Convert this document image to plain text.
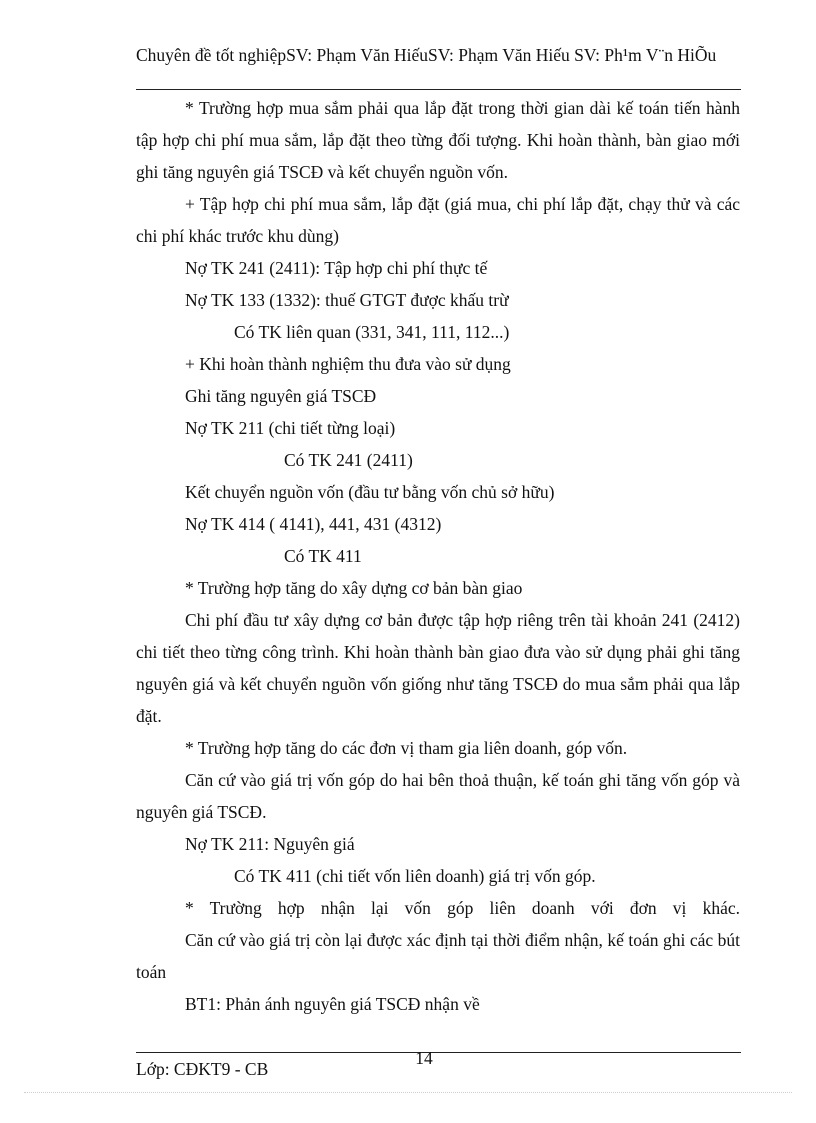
Chuyên đề tốt nghiệpSV: Phạm Văn HiếuSV: Phạm Văn Hiếu SV: Ph¹m V¨n HiÕu

* Trường hợp mua sắm phải qua lắp đặt trong thời gian dài kế toán tiến hành tập hợp chi phí mua sắm, lắp đặt theo từng đối tượng. Khi hoàn thành, bàn giao mới ghi tăng nguyên giá TSCĐ và kết chuyển nguồn vốn.

+ Tập hợp chi phí mua sắm, lắp đặt (giá mua, chi phí lắp đặt, chạy thử và các chi phí khác trước khu dùng)

Nợ TK 241 (2411): Tập hợp chi phí thực tế

Nợ TK 133 (1332): thuế GTGT được khấu trừ

Có TK liên quan (331, 341, 111, 112...)

+ Khi hoàn thành nghiệm thu đưa vào sử dụng

Ghi tăng nguyên giá TSCĐ

Nợ TK 211 (chi tiết từng loại)

Có TK 241 (2411)

Kết chuyển nguồn vốn (đầu tư bằng vốn chủ sở hữu)

Nợ TK 414 ( 4141), 441, 431 (4312)

Có TK 411

* Trường hợp tăng do xây dựng cơ bản bàn giao

Chi phí đầu tư xây dựng cơ bản được tập hợp riêng trên tài khoản 241 (2412) chi tiết theo từng công trình. Khi hoàn thành bàn giao đưa vào sử dụng phải ghi tăng nguyên giá và kết chuyển nguồn vốn giống như tăng TSCĐ do mua sắm phải qua lắp đặt.

* Trường hợp tăng do các đơn vị tham gia liên doanh, góp vốn.

Căn cứ vào giá trị vốn góp do hai bên thoả thuận, kế toán ghi tăng vốn góp và nguyên giá TSCĐ.

Nợ TK 211: Nguyên giá

Có TK 411 (chi tiết vốn liên doanh) giá trị vốn góp.

* Trường hợp nhận lại vốn góp liên doanh với đơn vị khác.

Căn cứ vào giá trị còn lại được xác định tại thời điểm nhận, kế toán ghi các bút toán

BT1: Phản ánh nguyên giá TSCĐ nhận về

14
Lớp: CĐKT9 - CB
